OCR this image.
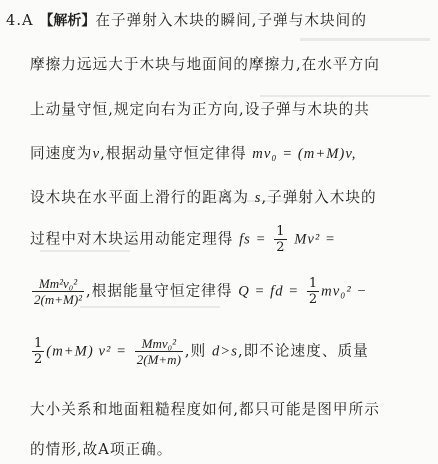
4.A 【解析】在子弹射入木块的瞬间,子弹与木块间的
摩擦力远远大于木块与地面间的摩擦力,在水平方向
上动量守恒,规定向右为正方向,设子弹与木块的共
同速度为v,根据动量守恒定律得 mv₀ = (m+M)v,
设木块在水平面上滑行的距离为 s,子弹射入木块的
过程中对木块运用动能定理得 fs = $\frac{1}{2} Mv^2$ =
$\frac{\text{Mm²v₀²}}{\text{2(m+M)²}}$ ,根据能量守恒定律得 Q = fd = $\frac{1}{2} mv_0^2$ −
$\frac{1}{2} (m+M) v^2 = \frac{\text{Mmv₀²}}{2(M+m)}$ ,则 d>s,即不论速度、质量
大小关系和地面粗糙程度如何,都只可能是图甲所示
的情形,故A项正确。
